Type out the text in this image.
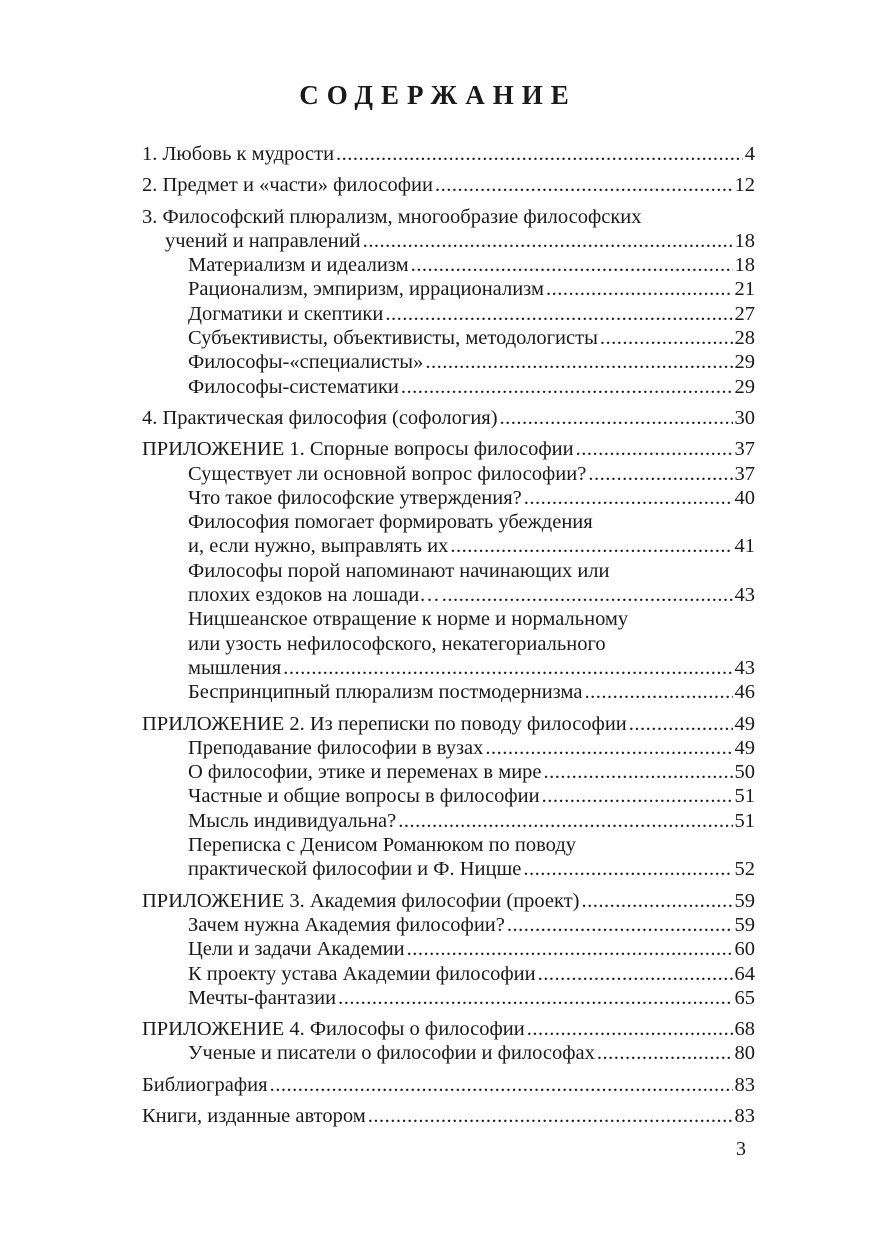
СОДЕРЖАНИЕ
1. Любовь к мудрости .....	4
2. Предмет и «части» философии .....	12
3. Философский плюрализм, многообразие философских
учений и направлений .....	18
Материализм и идеализм .....	18
Рационализм, эмпиризм, иррационализм .....	21
Догматики и скептики .....	27
Субъективисты, объективисты, методологисты .....	28
Философы-«специалисты» .....	29
Философы-систематики .....	29
4. Практическая философия (софология) .....	30
ПРИЛОЖЕНИЕ 1. Спорные вопросы философии .....	37
Существует ли основной вопрос философии? .....	37
Что такое философские утверждения? .....	40
Философия помогает формировать убеждения
и, если нужно, выправлять их .....	41
Философы порой напоминают начинающих или
плохих ездоков на лошади… .....	43
Ницшеанское отвращение к норме и нормальному
или узость нефилософского, некатегориального
мышления .....	43
Беспринципный плюрализм постмодернизма .....	46
ПРИЛОЖЕНИЕ 2. Из переписки по поводу философии .....	49
Преподавание философии в вузах .....	49
О философии, этике и переменах в мире .....	50
Частные и общие вопросы в философии .....	51
Мысль индивидуальна? .....	51
Переписка с Денисом Романюком по поводу
практической философии и Ф. Ницше .....	52
ПРИЛОЖЕНИЕ 3. Академия философии (проект) .....	59
Зачем нужна Академия философии? .....	59
Цели и задачи Академии .....	60
К проекту устава Академии философии .....	64
Мечты-фантазии .....	65
ПРИЛОЖЕНИЕ 4. Философы о философии .....	68
Ученые и писатели о философии и философах .....	80
Библиография .....	83
Книги, изданные автором .....	83
3
